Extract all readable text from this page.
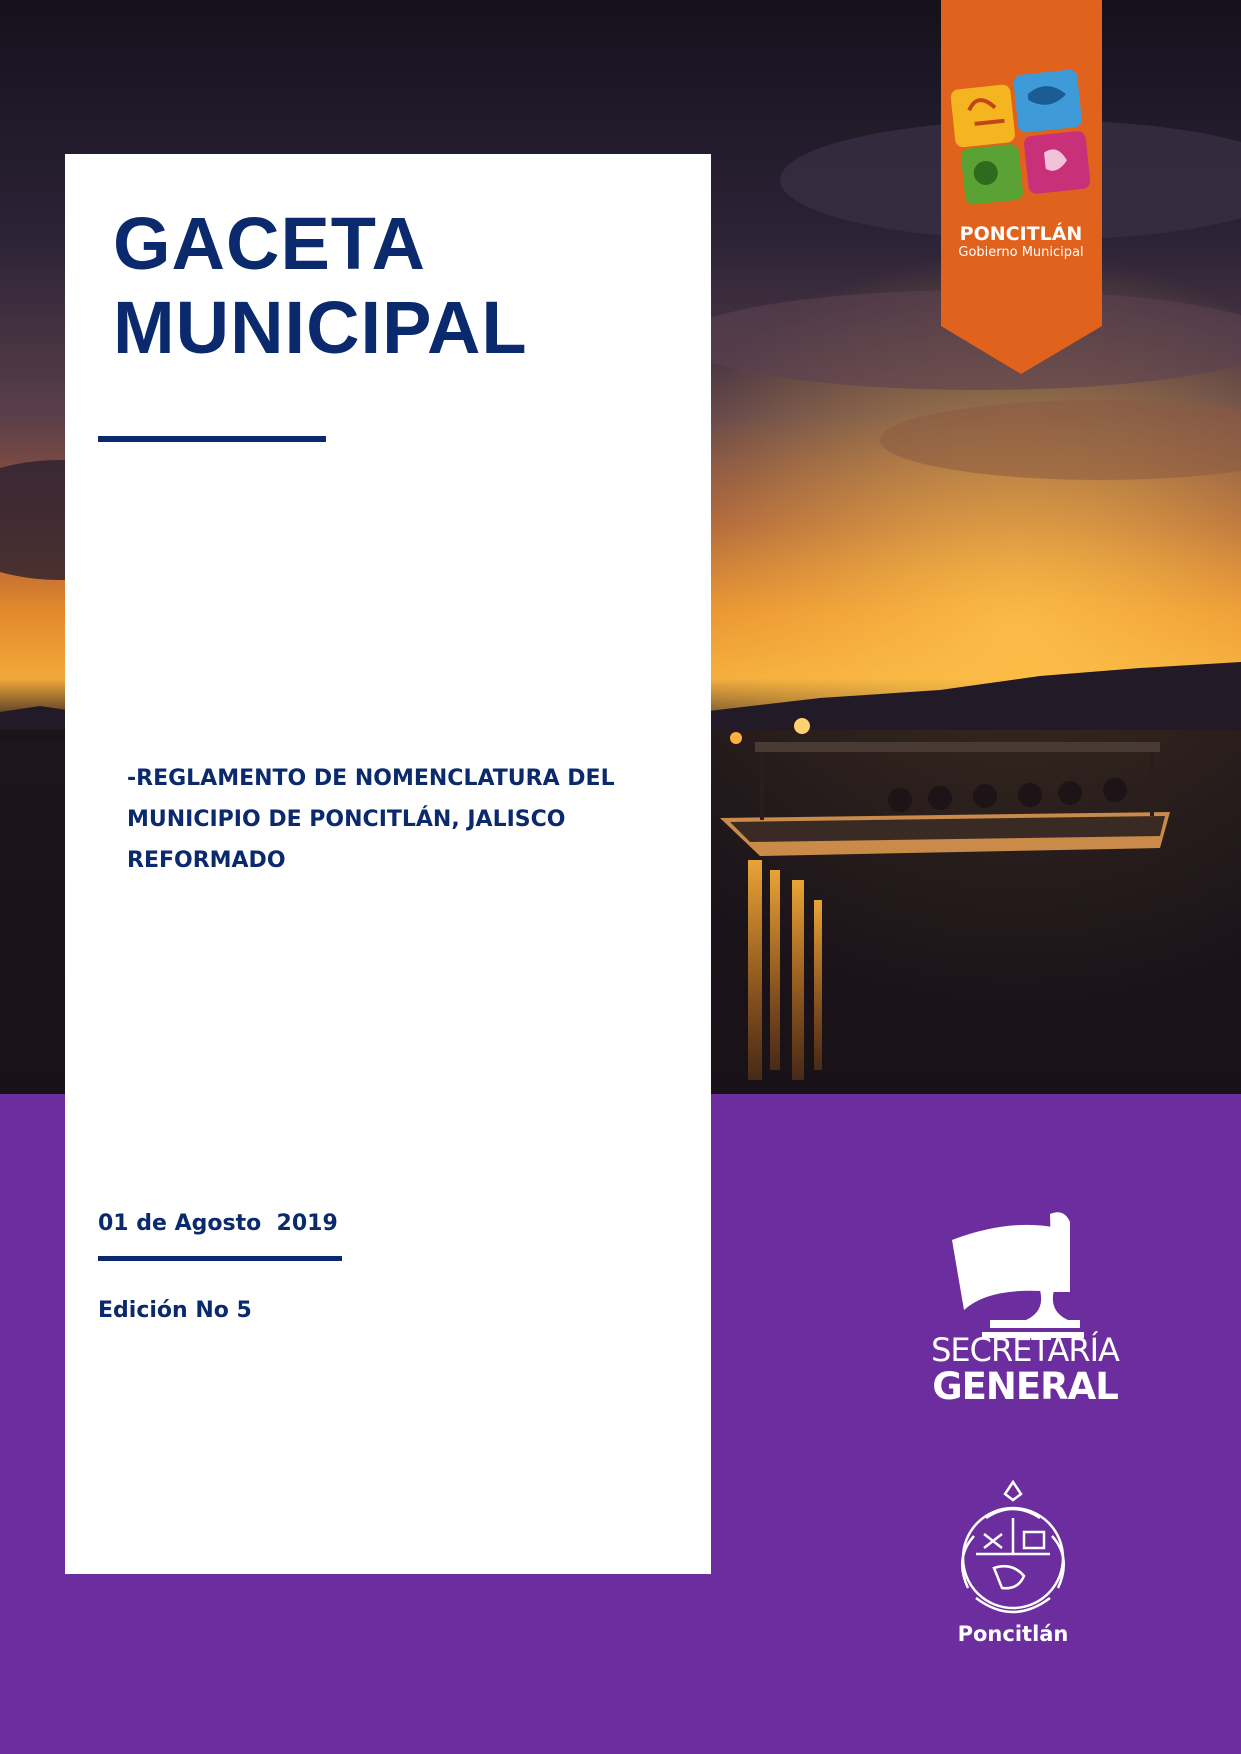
PONCITLÁN
Gobierno Municipal
GACETA
MUNICIPAL
-REGLAMENTO DE NOMENCLATURA DEL
MUNICIPIO DE PONCITLÁN, JALISCO
REFORMADO
01 de Agosto  2019
Edición No 5
SECRETARÍA
GENERAL
Poncitlán
